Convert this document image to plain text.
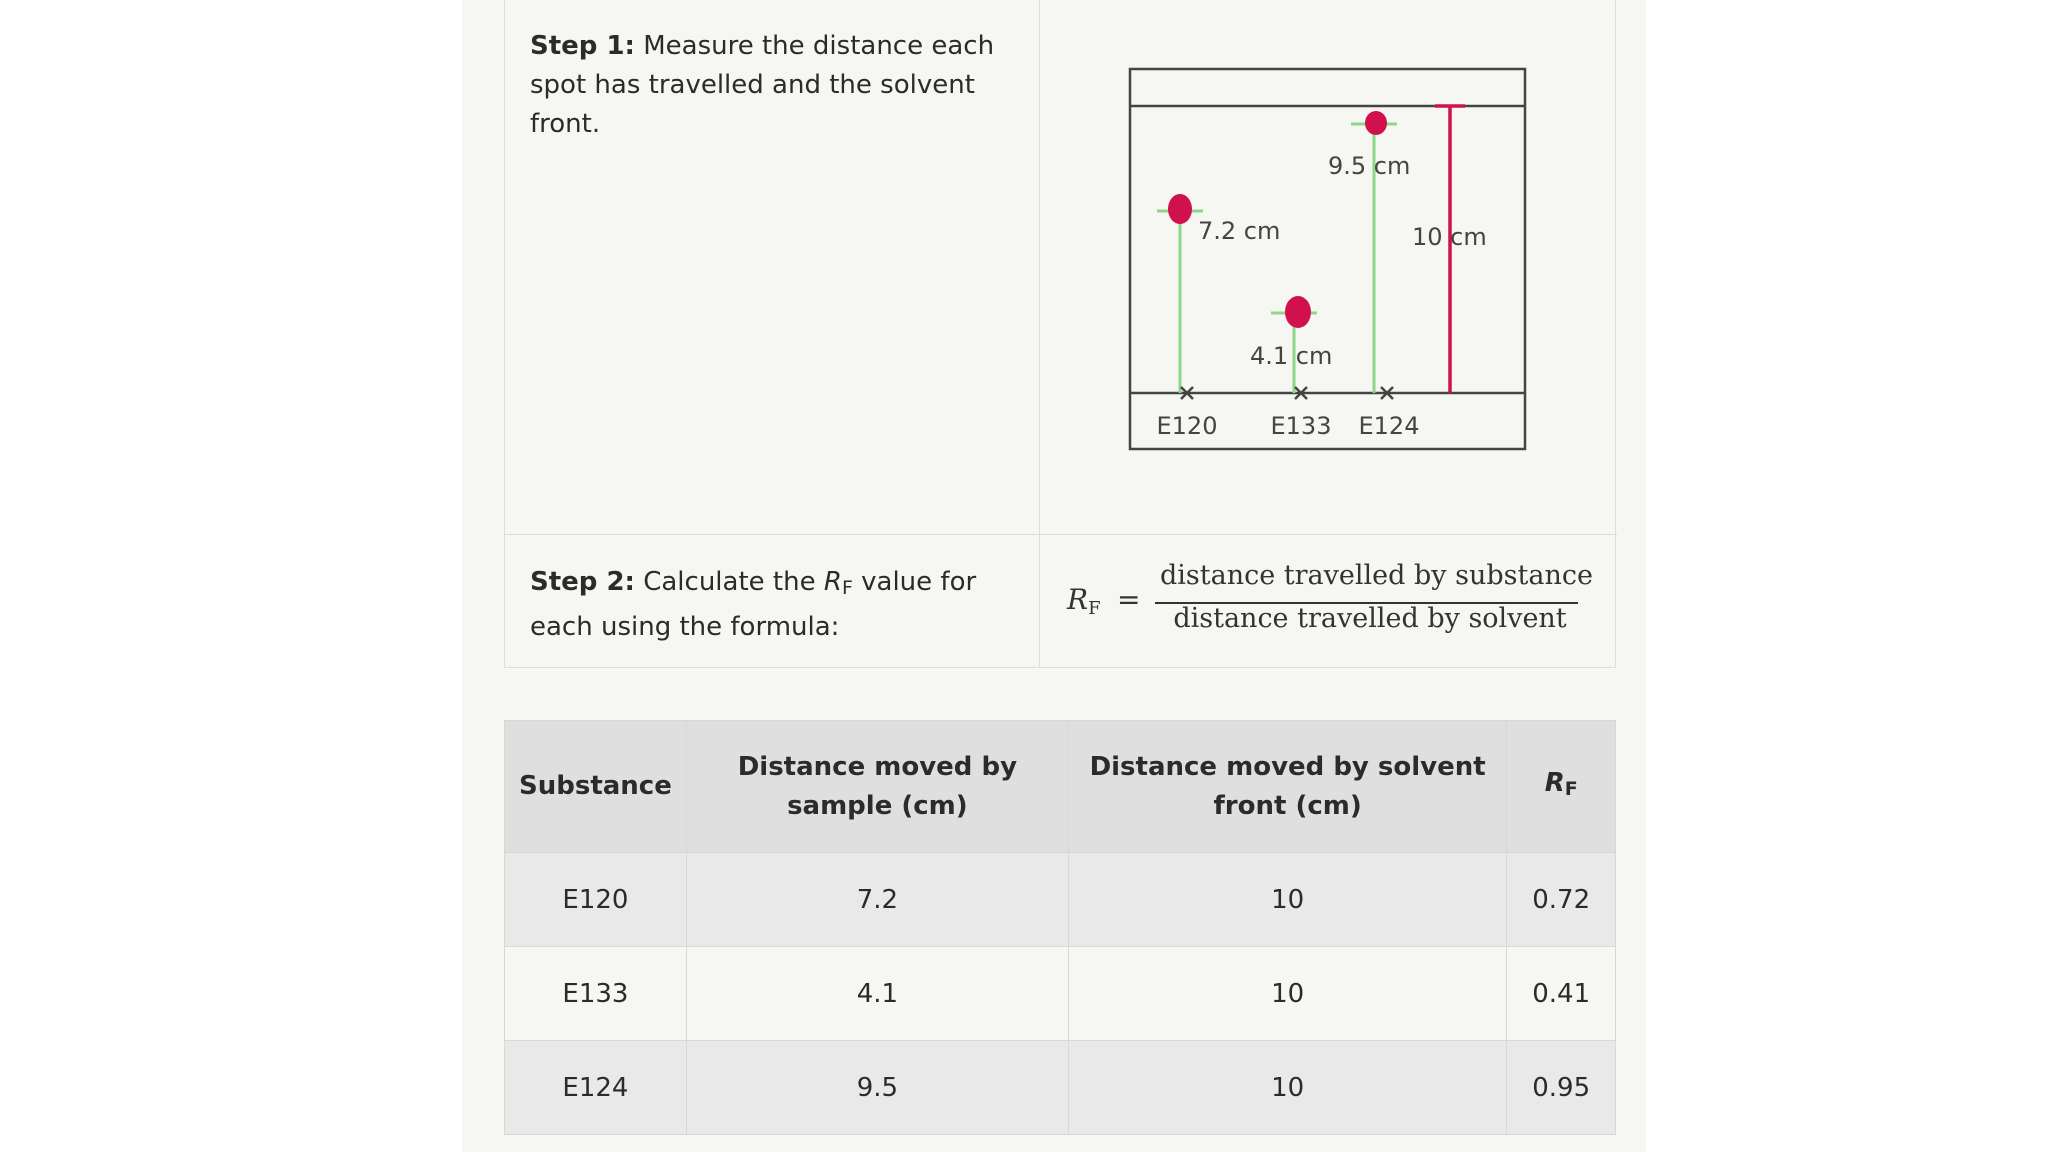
Step 1: Measure the distance each spot has travelled and the solvent front.
7.2 cm
4.1 cm
9.5 cm
10 cm
E120 E133 E124
Step 2: Calculate the $R_F$ value for each using the formula:
$R_F$ =
distance travelled by substance
distance travelled by solvent
Substance	Distance moved by sample (cm)	Distance moved by solvent front (cm)	$R_F$
E120	7.2	10	0.72
E133	4.1	10	0.41
E124	9.5	10	0.95
